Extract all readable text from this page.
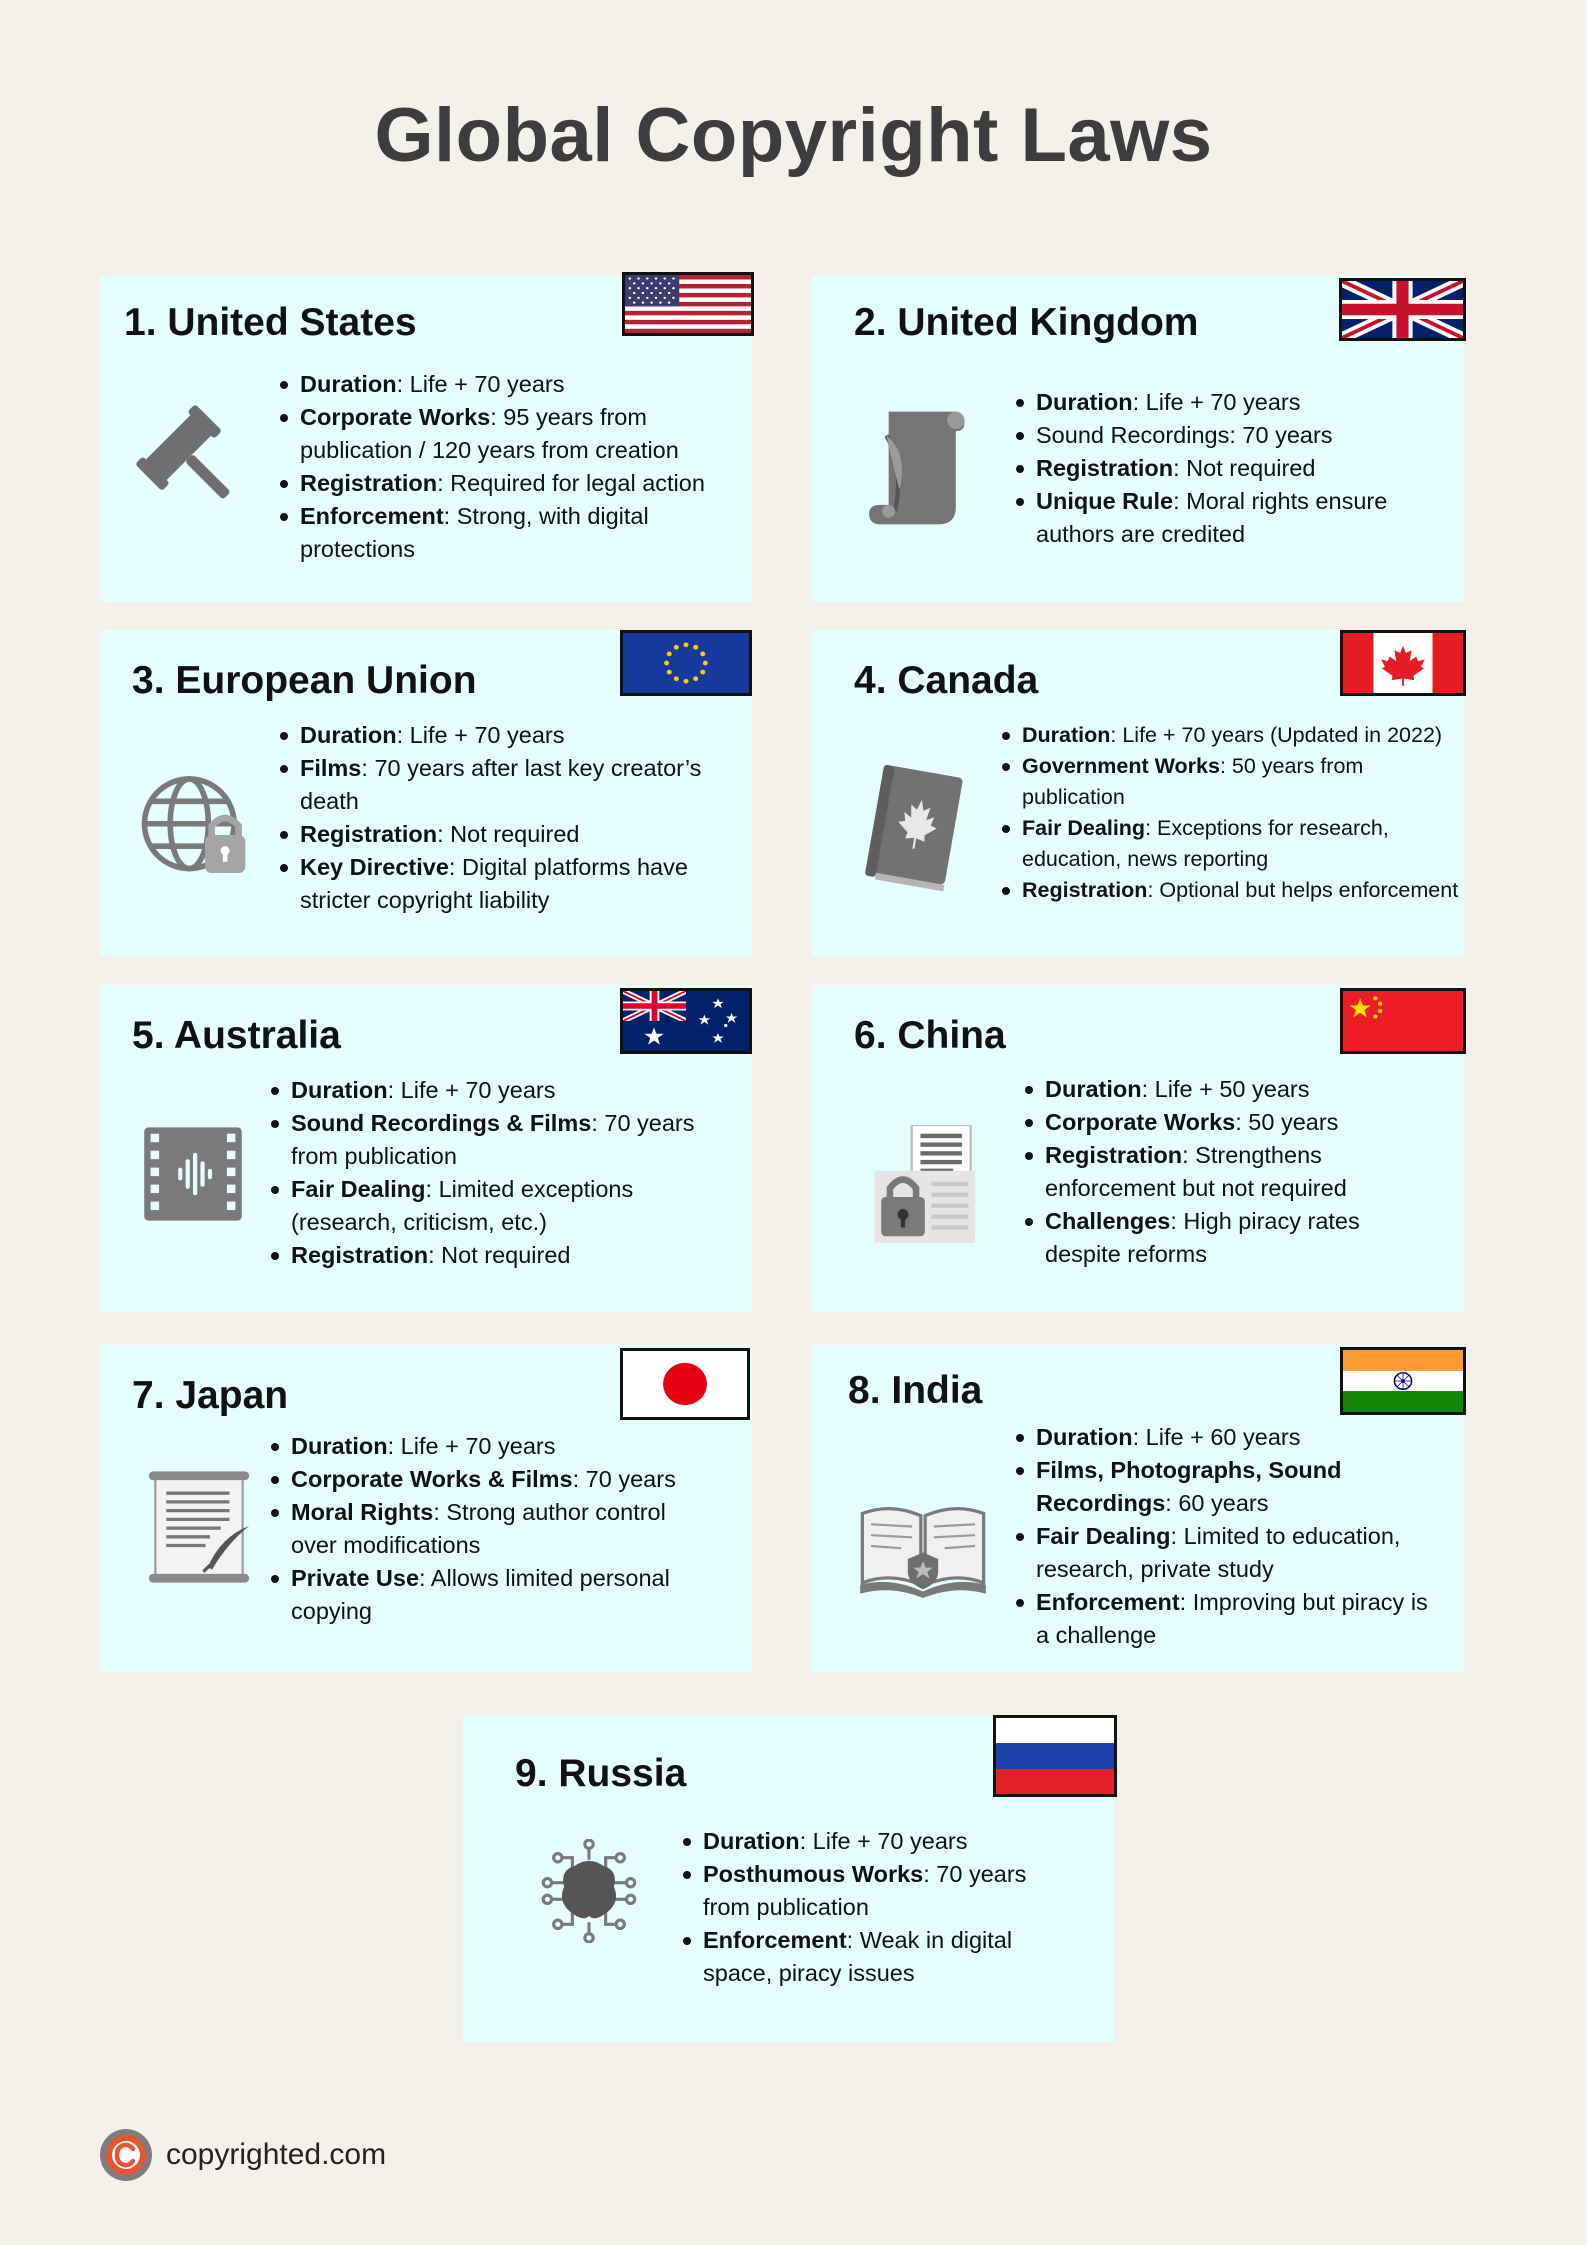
Global Copyright Laws
1. United States
Duration: Life + 70 years
Corporate Works: 95 years from publication / 120 years from creation
Registration: Required for legal action
Enforcement: Strong, with digital protections
2. United Kingdom
Duration: Life + 70 years
Sound Recordings: 70 years
Registration: Not required
Unique Rule: Moral rights ensure authors are credited
3. European Union
Duration: Life + 70 years
Films: 70 years after last key creator’s death
Registration: Not required
Key Directive: Digital platforms have stricter copyright liability
4. Canada
Duration: Life + 70 years (Updated in 2022)
Government Works: 50 years from publication
Fair Dealing: Exceptions for research, education, news reporting
Registration: Optional but helps enforcement
5. Australia
Duration: Life + 70 years
Sound Recordings & Films: 70 years from publication
Fair Dealing: Limited exceptions (research, criticism, etc.)
Registration: Not required
6. China
Duration: Life + 50 years
Corporate Works: 50 years
Registration: Strengthens enforcement but not required
Challenges: High piracy rates despite reforms
7. Japan
Duration: Life + 70 years
Corporate Works & Films: 70 years
Moral Rights: Strong author control over modifications
Private Use: Allows limited personal copying
8. India
Duration: Life + 60 years
Films, Photographs, Sound Recordings: 60 years
Fair Dealing: Limited to education, research, private study
Enforcement: Improving but piracy is a challenge
9. Russia
Duration: Life + 70 years
Posthumous Works: 70 years from publication
Enforcement: Weak in digital space, piracy issues
copyrighted.com
